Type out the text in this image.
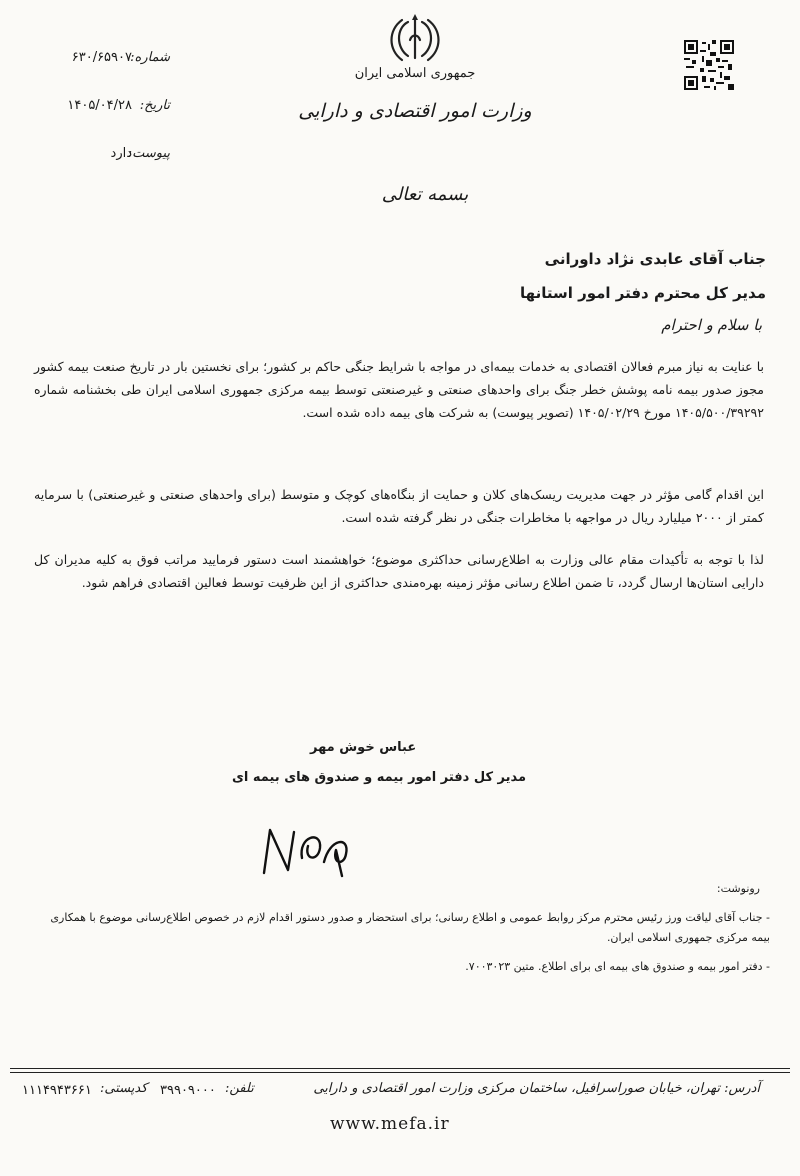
جمهوری اسلامی ایران
وزارت امور اقتصادی و دارایی
شماره:
۶۳۰/۶۵۹۰۷
تاریخ:
۱۴۰۵/۰۴/۲۸
پیوست:
دارد
بسمه تعالی
جناب آقای عابدی نژاد داورانی
مدیر کل محترم دفتر امور استانها
با سلام و احترام
با عنایت به نیاز مبرم فعالان اقتصادی به خدمات بیمه‌ای در مواجه با شرایط جنگی حاکم بر کشور؛ برای نخستین بار در تاریخ صنعت بیمه کشور مجوز صدور بیمه نامه پوشش خطر جنگ برای واحدهای صنعتی و غیرصنعتی توسط بیمه مرکزی جمهوری اسلامی ایران طی بخشنامه شماره ۱۴۰۵/۵۰۰/۳۹۲۹۲ مورخ ۱۴۰۵/۰۲/۲۹ (تصویر پیوست) به شرکت های بیمه داده شده است.
این اقدام گامی مؤثر در جهت مدیریت ریسک‌های کلان و حمایت از بنگاه‌های کوچک و متوسط (برای واحدهای صنعتی و غیرصنعتی) با سرمایه کمتر از ۲۰۰۰ میلیارد ریال در مواجهه با مخاطرات جنگی در نظر گرفته شده است.
لذا با توجه به تأکیدات مقام عالی وزارت به اطلاع‌رسانی حداکثری موضوع؛ خواهشمند است دستور فرمایید مراتب فوق به کلیه مدیران کل دارایی استان‌ها ارسال گردد، تا ضمن اطلاع رسانی مؤثر زمینه بهره‌مندی حداکثری از این ظرفیت توسط فعالین اقتصادی فراهم شود.
عباس خوش مهر
مدیر کل دفتر امور بیمه و صندوق های بیمه ای
رونوشت:
- جناب آقای لیاقت ورز رئیس محترم مرکز روابط عمومی و اطلاع رسانی؛ برای استحضار و صدور دستور اقدام لازم در خصوص اطلاع‌رسانی موضوع با همکاری بیمه مرکزی جمهوری اسلامی ایران.
- دفتر امور بیمه و صندوق های بیمه ای برای اطلاع. متین ۷۰۰۳۰۲۳.
آدرس: تهران، خیابان صوراسرافیل، ساختمان مرکزی وزارت امور اقتصادی و دارایی
تلفن:
۳۹۹۰۹۰۰۰
کدپستی:
۱۱۱۴۹۴۳۶۶۱
www.mefa.ir
